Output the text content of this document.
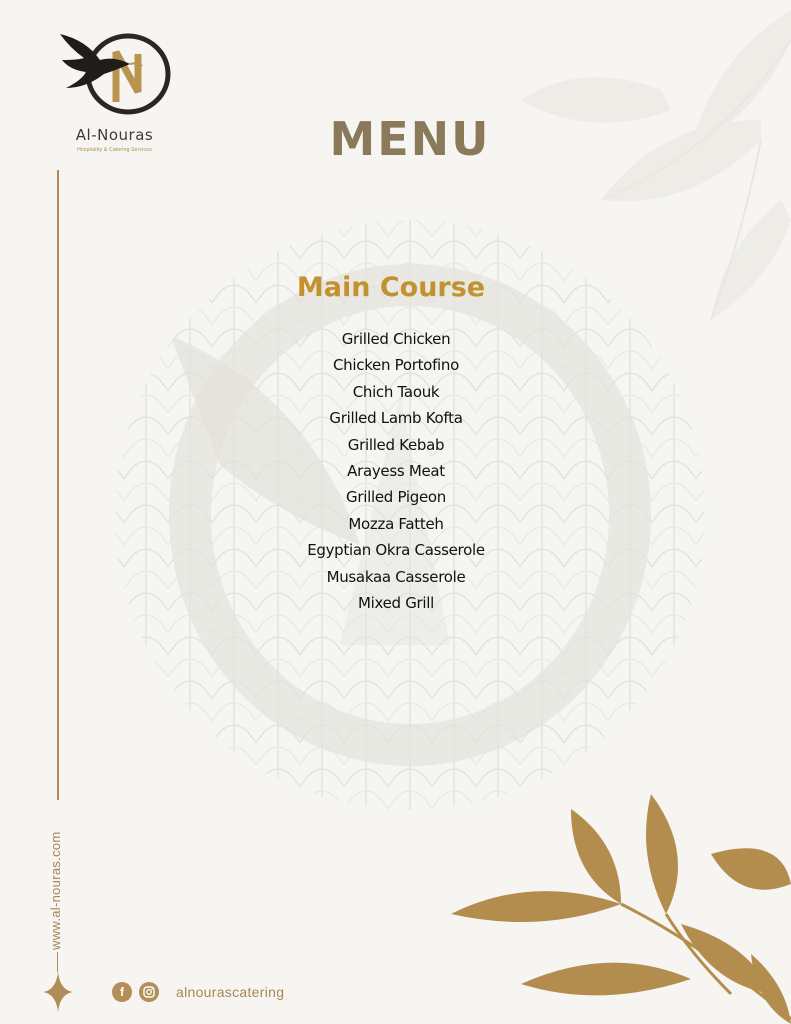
Al-Nouras
Hospitality & Catering Services
www.al-nouras.com
MENU
Main Course
Grilled Chicken
Chicken Portofino
Chich Taouk
Grilled Lamb Kofta
Grilled Kebab
Arayess Meat
Grilled Pigeon
Mozza Fatteh
Egyptian Okra Casserole
Musakaa Casserole
Mixed Grill
f	alnourascatering
